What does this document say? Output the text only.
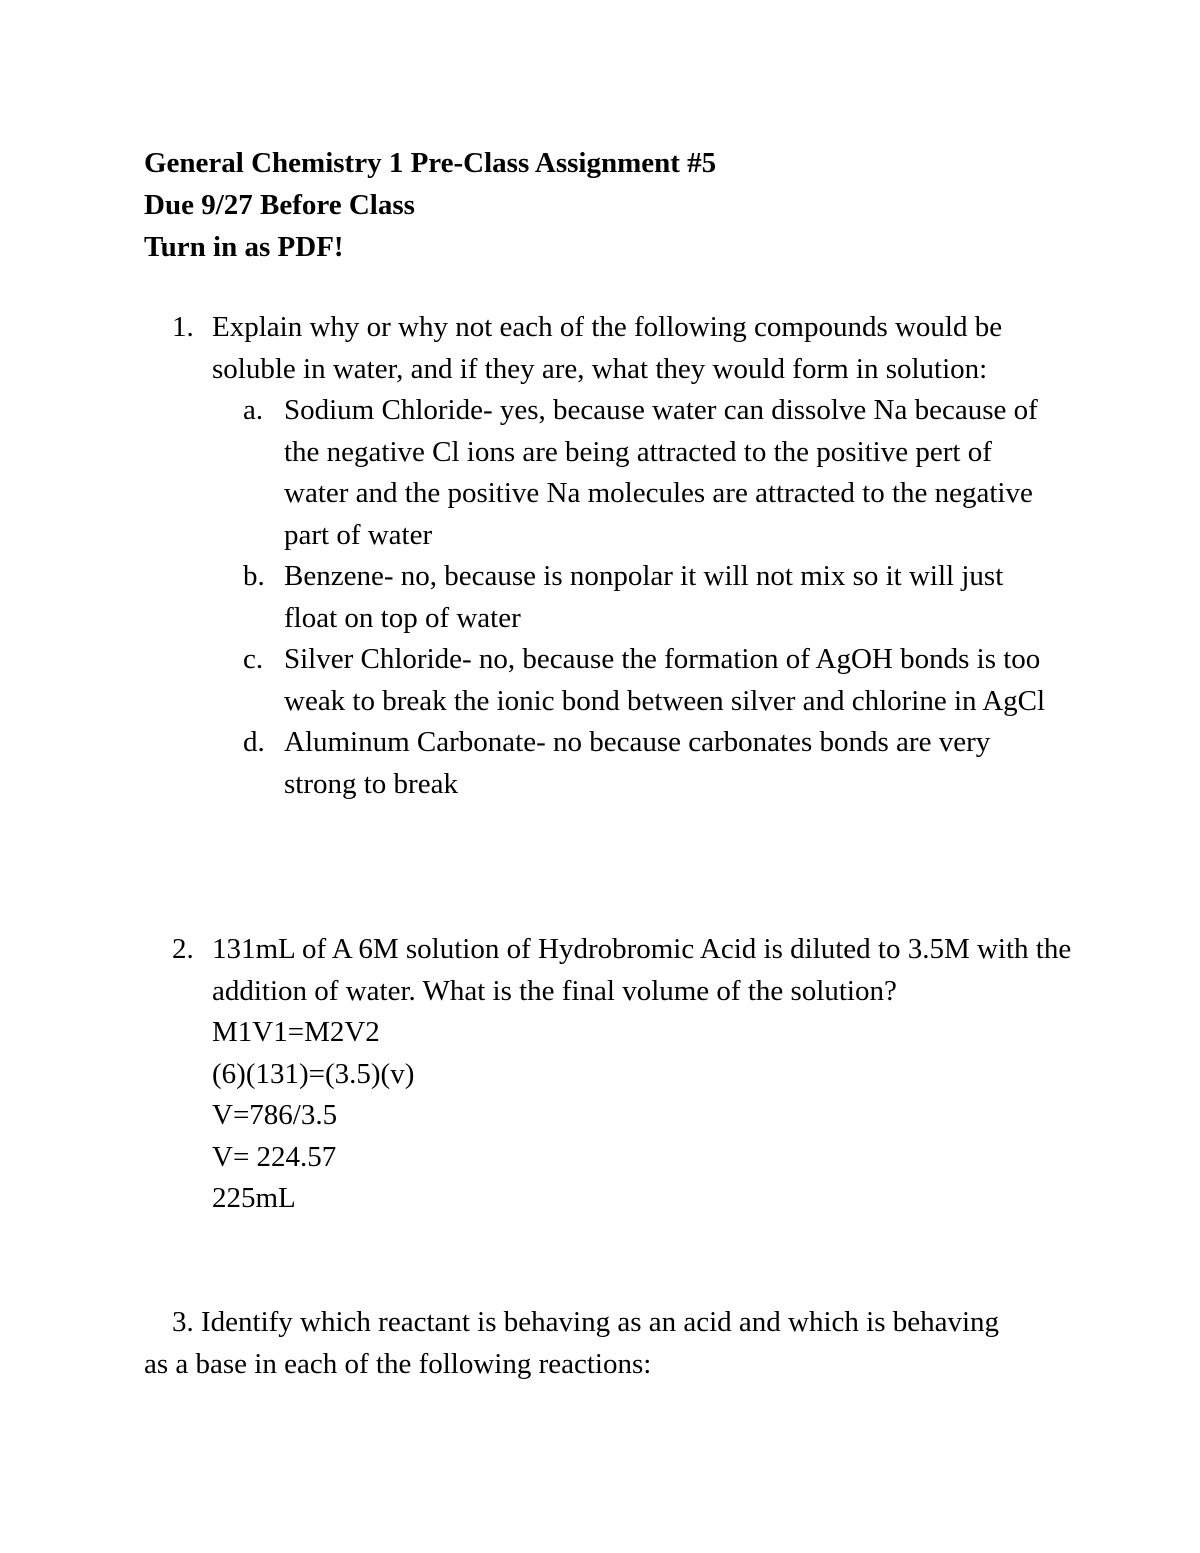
General Chemistry 1 Pre-Class Assignment #5
Due 9/27 Before Class
Turn in as PDF!
1. Explain why or why not each of the following compounds would be soluble in water, and if they are, what they would form in solution:
a. Sodium Chloride- yes, because water can dissolve Na because of the negative Cl ions are being attracted to the positive pert of water and the positive Na molecules are attracted to the negative part of water
b. Benzene- no, because is nonpolar it will not mix so it will just float on top of water
c. Silver Chloride- no, because the formation of AgOH bonds is too weak to break the ionic bond between silver and chlorine in AgCl
d. Aluminum Carbonate- no because carbonates bonds are very strong to break
2. 131mL of A 6M solution of Hydrobromic Acid is diluted to 3.5M with the addition of water. What is the final volume of the solution?
M1V1=M2V2
(6)(131)=(3.5)(v)
V=786/3.5
V= 224.57
225mL
3. Identify which reactant is behaving as an acid and which is behaving as a base in each of the following reactions:
